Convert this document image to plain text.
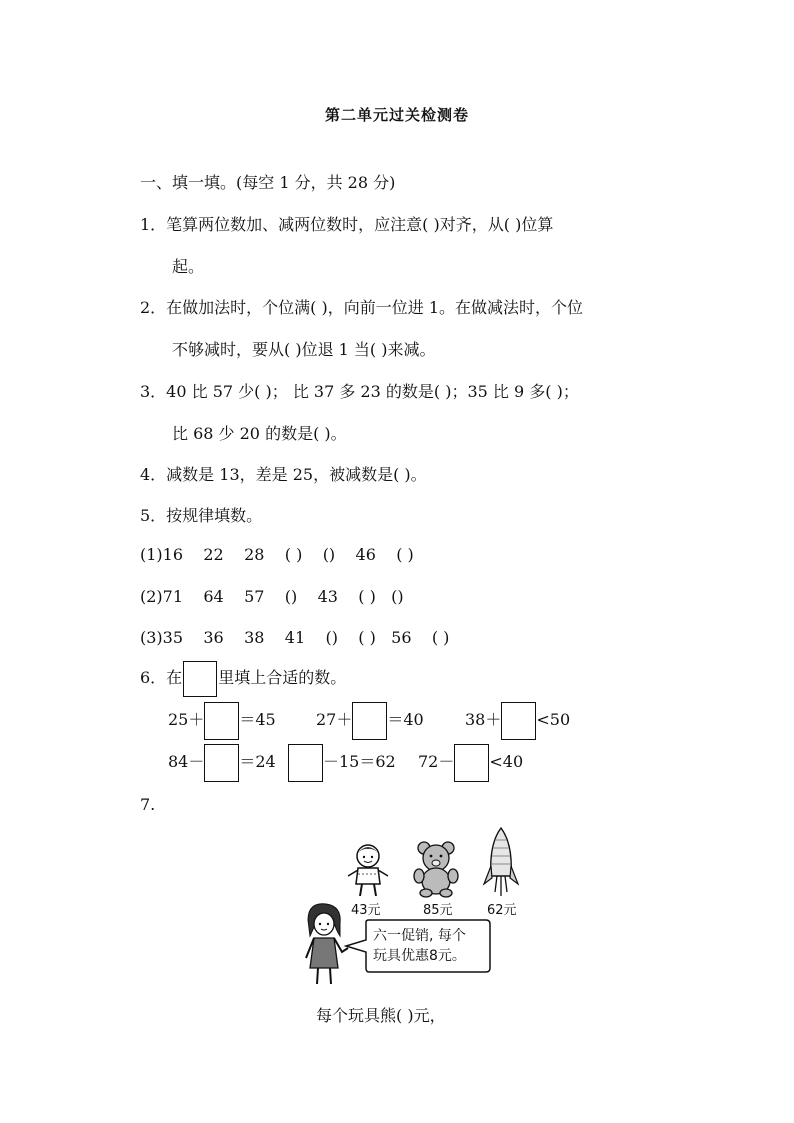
第二单元过关检测卷
一、填一填。(每空 1 分，共 28 分)
1．笔算两位数加、减两位数时，应注意( )对齐，从( )位算
起。
2．在做加法时，个位满( )，向前一位进 1。在做减法时，个位
不够减时，要从( )位退 1 当( )来减。
3．40 比 57 少( )； 比 37 多 23 的数是( )；35 比 9 多( )；
比 68 少 20 的数是( )。
4．减数是 13，差是 25，被减数是( )。
5．按规律填数。
(1)16    22    28    ( )    ()    46    ( )
(2)71    64    57    ()    43    ( )   ()
(3)35    36    38    41    ()    ( )   56    ( )
6．在 里填上合适的数。
25＋ ＝45	27＋ ＝40	38＋ <50
84－ ＝24	－15＝62 72－ <40
7.
43元	85元	62元
六一促销, 每个
玩具优惠8元。
每个玩具熊( )元，
